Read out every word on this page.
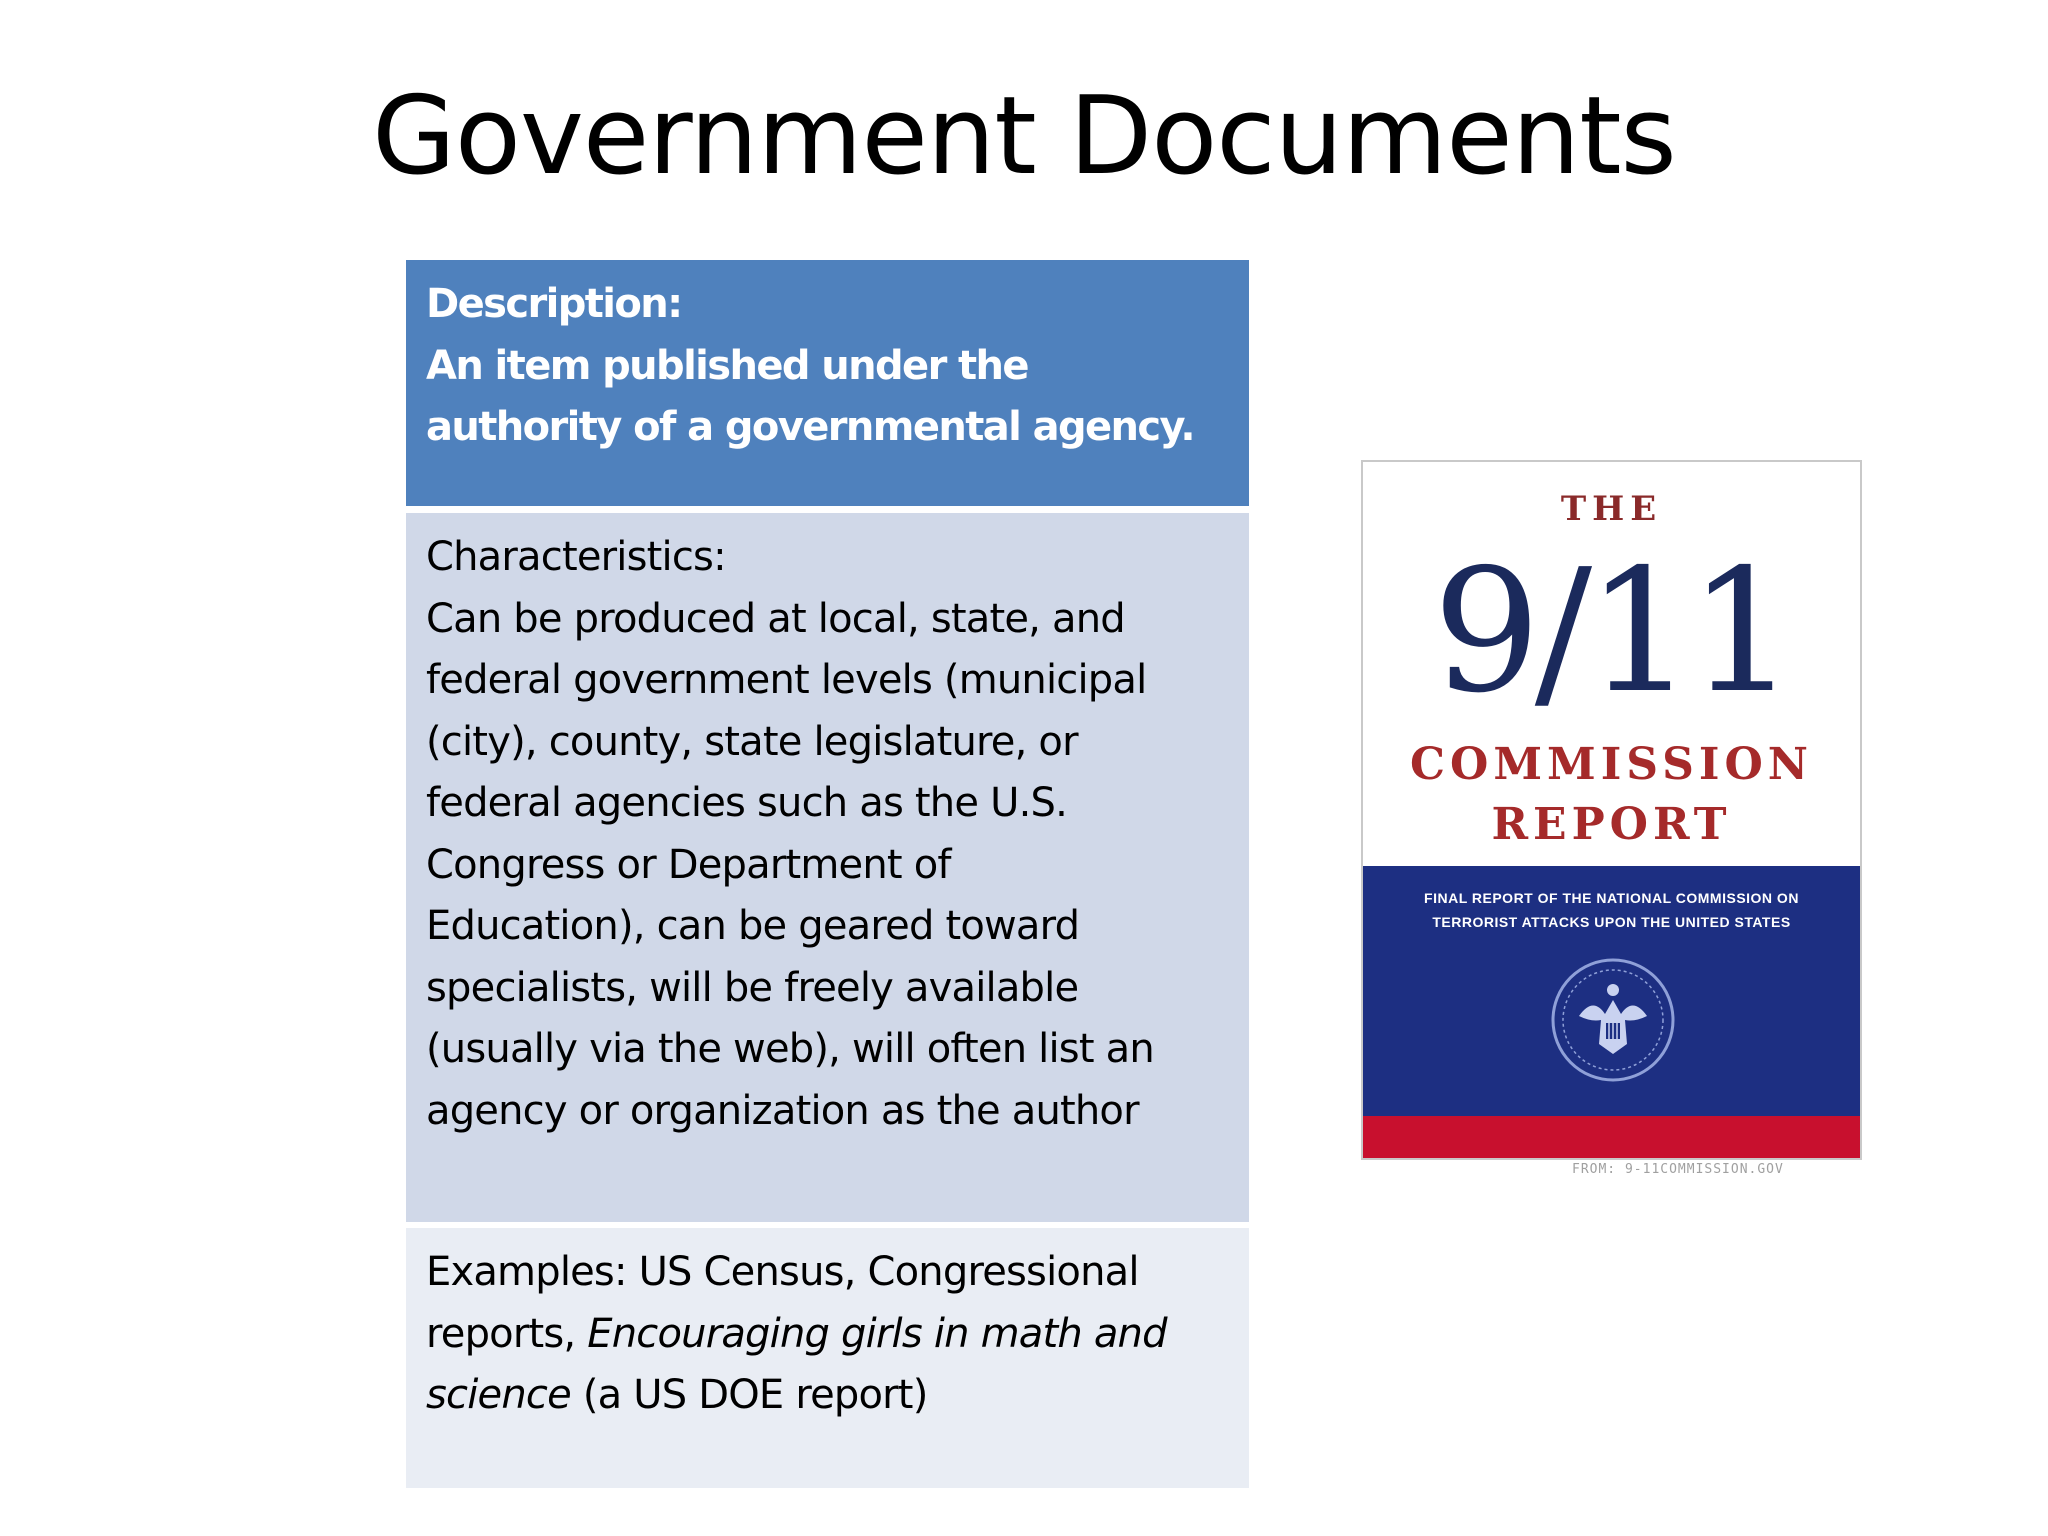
Government Documents
Description:
An item published under the
authority of a governmental agency.
Characteristics:
Can be produced at local, state, and
federal government levels (municipal
(city), county, state legislature, or
federal agencies such as the U.S.
Congress or Department of
Education), can be geared toward
specialists, will be freely available
(usually via the web), will often list an
agency or organization as the author
Examples: US Census, Congressional
reports, Encouraging girls in math and
science (a US DOE report)
THE
9/11
COMMISSION
REPORT
FINAL REPORT OF THE NATIONAL COMMISSION ON
TERRORIST ATTACKS UPON THE UNITED STATES
FROM: 9-11COMMISSION.GOV
